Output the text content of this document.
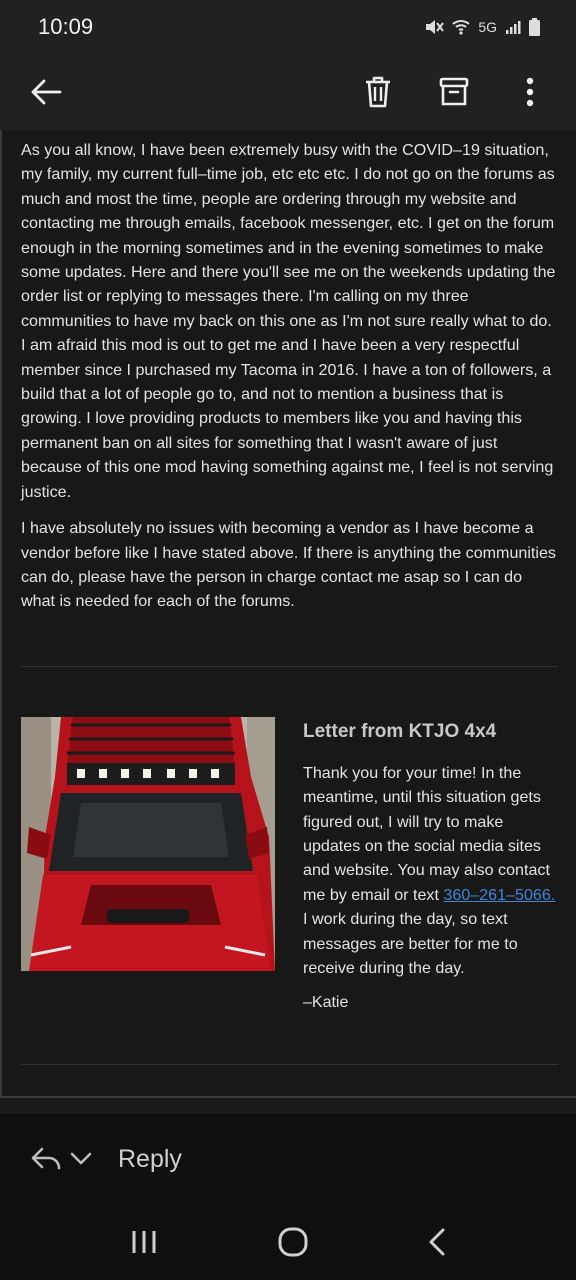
10:09	5G

As you all know, I have been extremely busy with the COVID–19 situation, my family, my current full–time job, etc etc etc. I do not go on the forums as much and most the time, people are ordering through my website and contacting me through emails, facebook messenger, etc. I get on the forum enough in the morning sometimes and in the evening sometimes to make some updates. Here and there you'll see me on the weekends updating the order list or replying to messages there. I'm calling on my three communities to have my back on this one as I'm not sure really what to do. I am afraid this mod is out to get me and I have been a very respectful member since I purchased my Tacoma in 2016. I have a ton of followers, a build that a lot of people go to, and not to mention a business that is growing. I love providing products to members like you and having this permanent ban on all sites for something that I wasn't aware of just because of this one mod having something against me, I feel is not serving justice.

I have absolutely no issues with becoming a vendor as I have become a vendor before like I have stated above. If there is anything the communities can do, please have the person in charge contact me asap so I can do what is needed for each of the forums.

Letter from KTJO 4x4
Thank you for your time! In the meantime, until this situation gets figured out, I will try to make updates on the social media sites and website. You may also contact me by email or text 360–261–5066. I work during the day, so text messages are better for me to receive during the day.
–Katie
Reply
